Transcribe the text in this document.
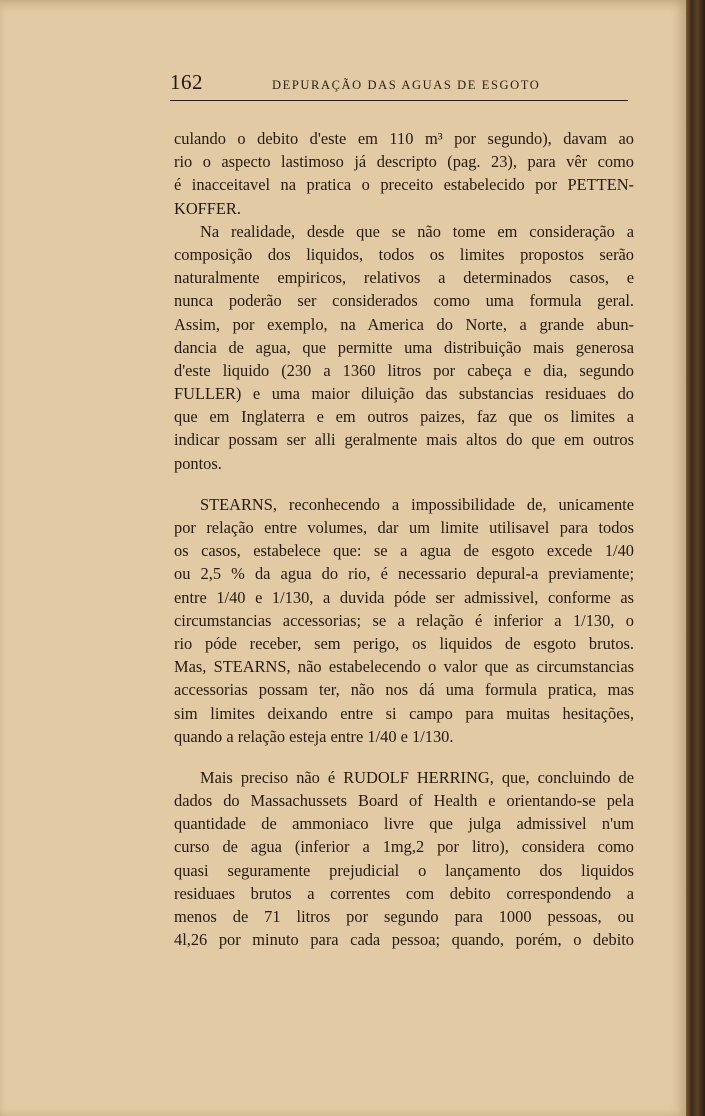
162	DEPURAÇÃO DAS AGUAS DE ESGOTO
culando o debito d'este em 110 m³ por segundo), davam ao
rio o aspecto lastimoso já descripto (pag. 23), para vêr como
é inacceitavel na pratica o preceito estabelecido por PETTEN-
KOFFER.
Na realidade, desde que se não tome em consideração a
composição dos liquidos, todos os limites propostos serão
naturalmente empiricos, relativos a determinados casos, e
nunca poderão ser considerados como uma formula geral.
Assim, por exemplo, na America do Norte, a grande abun-
dancia de agua, que permitte uma distribuição mais generosa
d'este liquido (230 a 1360 litros por cabeça e dia, segundo
FULLER) e uma maior diluição das substancias residuaes do
que em Inglaterra e em outros paizes, faz que os limites a
indicar possam ser alli geralmente mais altos do que em outros
pontos.
STEARNS, reconhecendo a impossibilidade de, unicamente
por relação entre volumes, dar um limite utilisavel para todos
os casos, estabelece que: se a agua de esgoto excede 1/40
ou 2,5 % da agua do rio, é necessario depural-a previamente;
entre 1/40 e 1/130, a duvida póde ser admissivel, conforme as
circumstancias accessorias; se a relação é inferior a 1/130, o
rio póde receber, sem perigo, os liquidos de esgoto brutos.
Mas, STEARNS, não estabelecendo o valor que as circumstancias
accessorias possam ter, não nos dá uma formula pratica, mas
sim limites deixando entre si campo para muitas hesitações,
quando a relação esteja entre 1/40 e 1/130.
Mais preciso não é RUDOLF HERRING, que, concluindo de
dados do Massachussets Board of Health e orientando-se pela
quantidade de ammoniaco livre que julga admissivel n'um
curso de agua (inferior a 1mg,2 por litro), considera como
quasi seguramente prejudicial o lançamento dos liquidos
residuaes brutos a correntes com debito correspondendo a
menos de 71 litros por segundo para 1000 pessoas, ou
4l,26 por minuto para cada pessoa; quando, porém, o debito
